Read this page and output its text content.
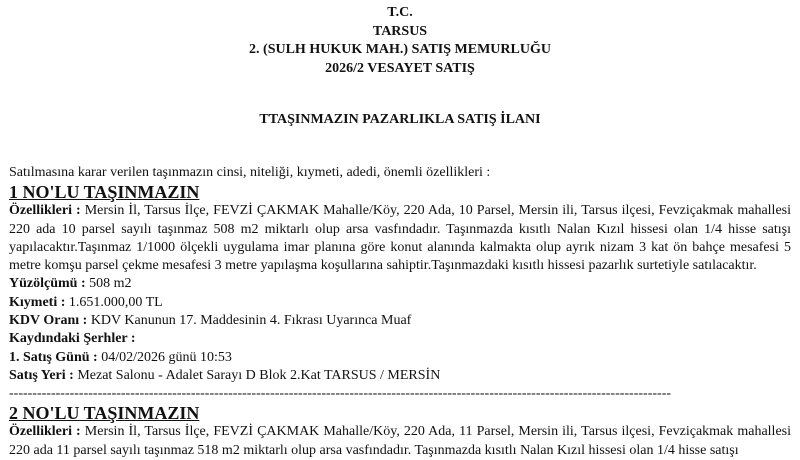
T.C.
TARSUS
2. (SULH HUKUK MAH.) SATIŞ MEMURLUĞU
2026/2 VESAYET SATIŞ
TTAŞINMAZIN PAZARLIKLA SATIŞ İLANI

Satılmasına karar verilen taşınmazın cinsi, niteliği, kıymeti, adedi, önemli özellikleri :

1 NO'LU TAŞINMAZIN

Özellikleri : Mersin İl, Tarsus İlçe, FEVZİ ÇAKMAK Mahalle/Köy, 220 Ada, 10 Parsel, Mersin ili, Tarsus ilçesi, Fevziçakmak mahallesi 220 ada 10 parsel sayılı taşınmaz 508 m2 miktarlı olup arsa vasfındadır. Taşınmazda kısıtlı Nalan Kızıl hissesi olan 1/4 hisse satışı yapılacaktır.Taşınmaz 1/1000 ölçekli uygulama imar planına göre konut alanında kalmakta olup ayrık nizam 3 kat ön bahçe mesafesi 5 metre komşu parsel çekme mesafesi 3 metre yapılaşma koşullarına sahiptir.Taşınmazdaki kısıtlı hissesi pazarlık surtetiyle satılacaktır.

Yüzölçümü : 508 m2

Kıymeti : 1.651.000,00 TL

KDV Oranı : KDV Kanunun 17. Maddesinin 4. Fıkrası Uyarınca Muaf

Kaydındaki Şerhler :

1. Satış Günü : 04/02/2026 günü 10:53

Satış Yeri : Mezat Salonu - Adalet Sarayı D Blok 2.Kat TARSUS / MERSİN

----------------------------------------------------------------------------------------------------------------------------------------------

2 NO'LU TAŞINMAZIN

Özellikleri : Mersin İl, Tarsus İlçe, FEVZİ ÇAKMAK Mahalle/Köy, 220 Ada, 11 Parsel, Mersin ili, Tarsus ilçesi, Fevziçakmak mahallesi 220 ada 11 parsel sayılı taşınmaz 518 m2 miktarlı olup arsa vasfındadır. Taşınmazda kısıtlı Nalan Kızıl hissesi olan 1/4 hisse satışı
